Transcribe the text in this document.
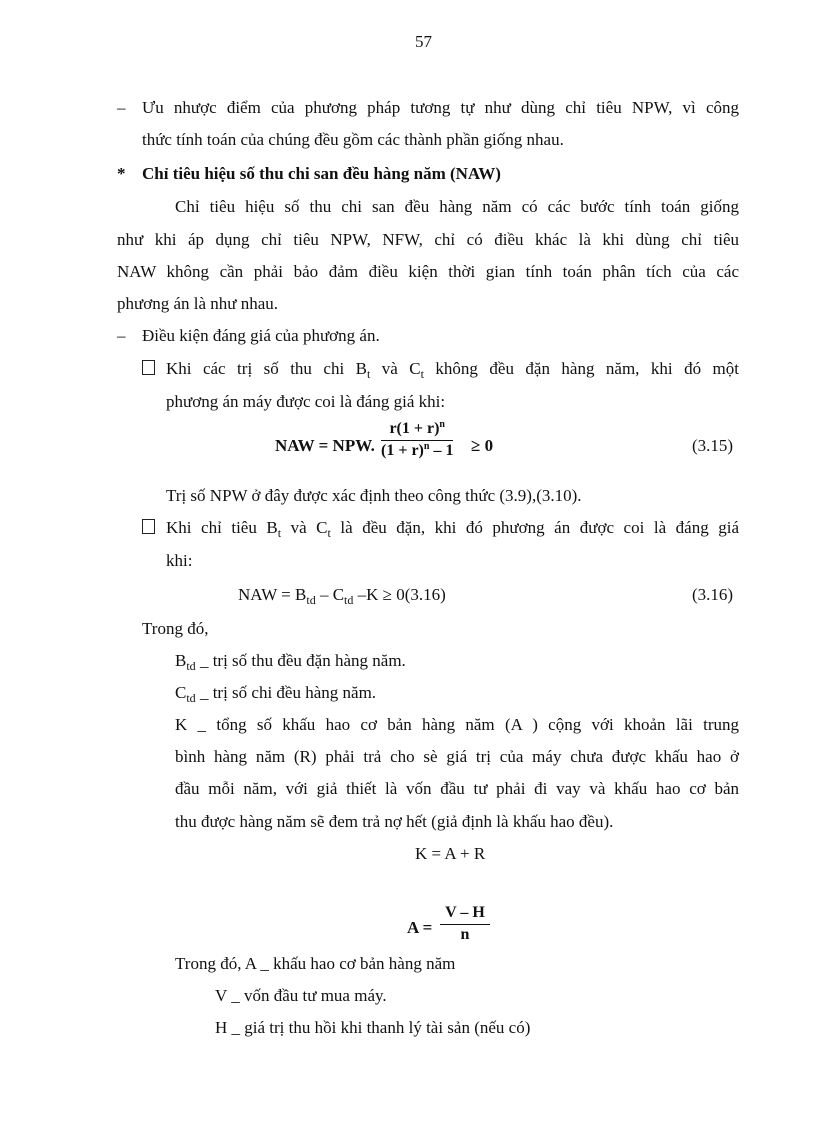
57
– Ưu nhược điểm của phương pháp tương tự như dùng chỉ tiêu NPW, vì công
thức tính toán của chúng đều gồm các thành phần giống nhau.
* Chỉ tiêu hiệu số thu chi san đều hàng năm (NAW)
Chỉ tiêu hiệu số thu chi san đều hàng năm có các bước tính toán giống
như khi áp dụng chỉ tiêu NPW, NFW, chỉ có điều khác là khi dùng chỉ tiêu
NAW không cần phải bảo đảm điều kiện thời gian tính toán phân tích của các
phương án là như nhau.
– Điều kiện đáng giá của phương án.
Khi các trị số thu chi $B_t$ và $C_t$ không đều đặn hàng năm, khi đó một
phương án máy được coi là đáng giá khi:
NAW = NPW.
$r(1 + r)^n$
$(1 + r)^n - 1 \ge 0$	(3.15)
Trị số NPW ở đây được xác định theo công thức (3.9),(3.10).
Khi chỉ tiêu $B_t$ và $C_t$ là đều đặn, khi đó phương án được coi là đáng giá
khi:
NAW = $B_{td} - C_{td}$ –K ≥ 0(3.16)	(3.16)
Trong đó,
$B_{td}$ _ trị số thu đều đặn hàng năm.
$C_{td}$ _ trị số chi đều hàng năm.
K _ tổng số khấu hao cơ bản hàng năm (A ) cộng với khoản lãi trung
bình hàng năm (R) phải trả cho sè giá trị của máy chưa được khấu hao ở
đầu mỗi năm, với giả thiết là vốn đầu tư phải đi vay và khấu hao cơ bản
thu được hàng năm sẽ đem trả nợ hết (giả định là khấu hao đều).
K = A + R
A =
V – H
n
Trong đó, A _ khấu hao cơ bản hàng năm
V _ vốn đầu tư mua máy.
H _ giá trị thu hồi khi thanh lý tài sản (nếu có)
